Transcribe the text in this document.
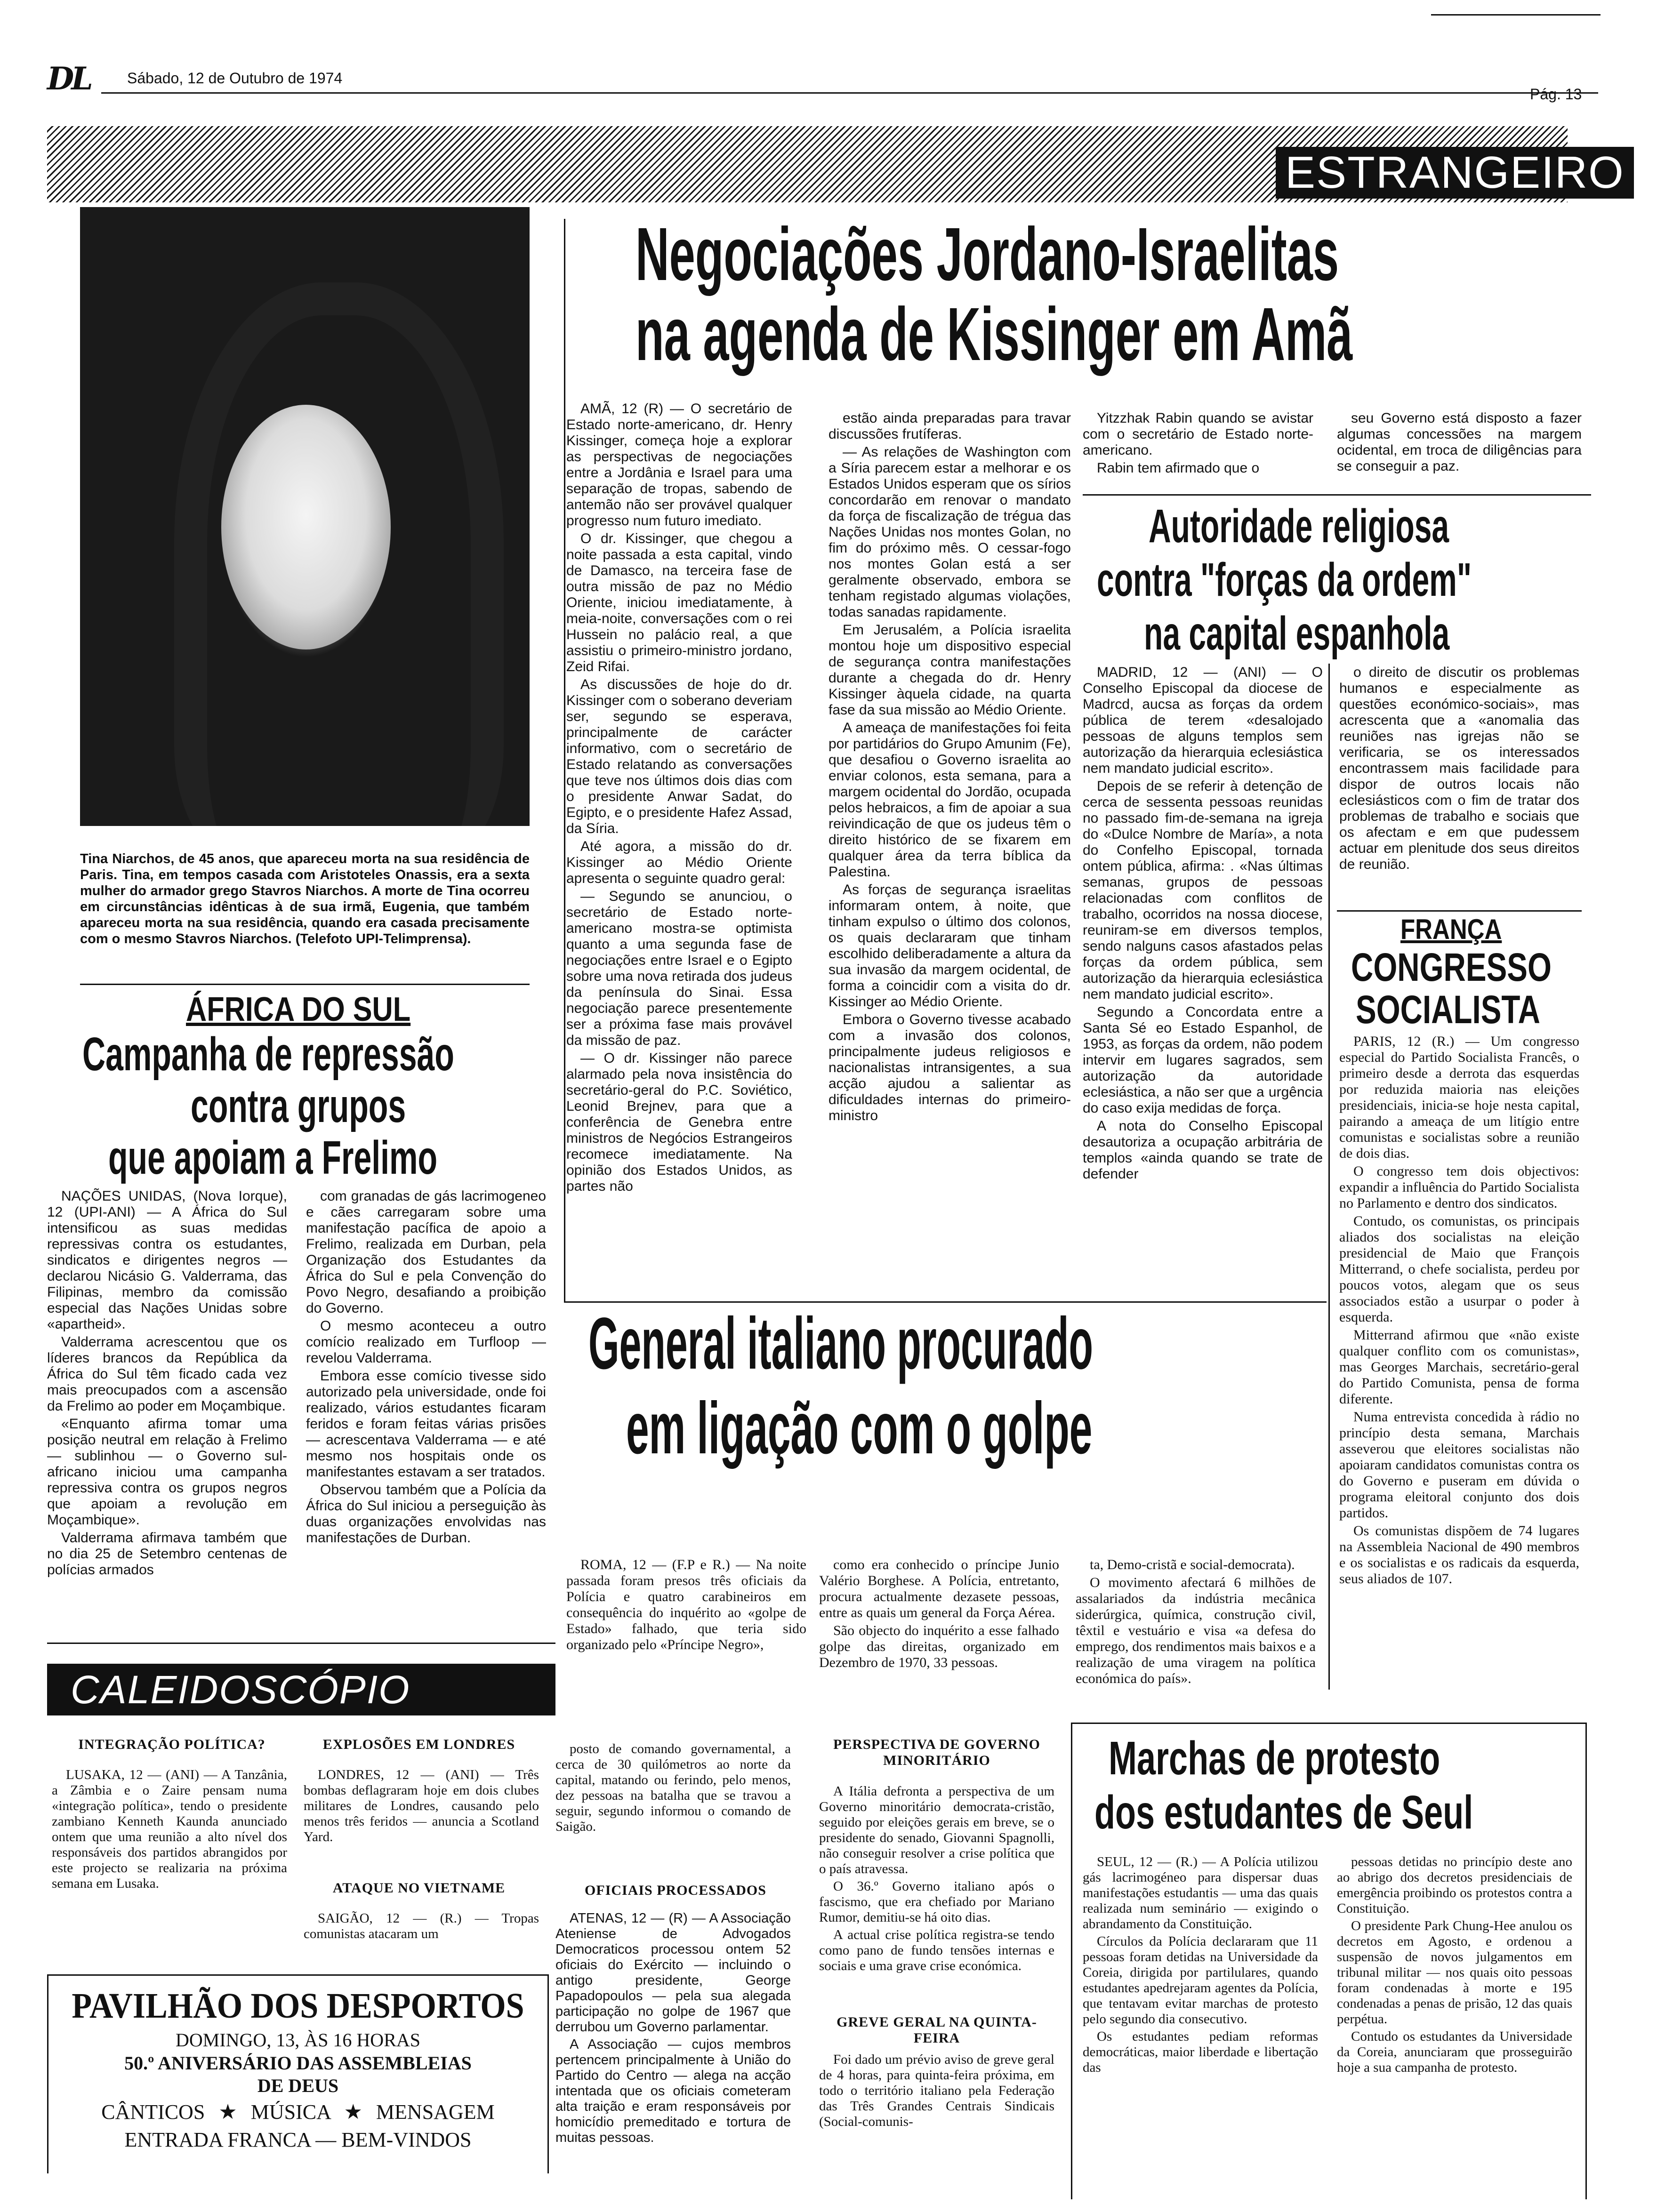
DL Sábado, 12 de Outubro de 1974
Pág. 13
ESTRANGEIRO
Tina Niarchos, de 45 anos, que apareceu morta na sua residência de Paris. Tina, em tempos casada com Aristoteles Onassis, era a sexta mulher do armador grego Stavros Niarchos. A morte de Tina ocorreu em circunstâncias idênticas à de sua irmã, Eugenia, que também apareceu morta na sua residência, quando era casada precisamente com o mesmo Stavros Niarchos. (Telefoto UPI-Telimprensa).
Negociações Jordano-Israelitas
na agenda de Kissinger em Amã

AMÃ, 12 (R) — O secretário de Estado norte-americano, dr. Henry Kissinger, começa hoje a explorar as perspectivas de negociações entre a Jordânia e Israel para uma separação de tropas, sabendo de antemão não ser provável qualquer progresso num futuro imediato.

O dr. Kissinger, que chegou a noite passada a esta capital, vindo de Damasco, na terceira fase de outra missão de paz no Médio Oriente, iniciou imediatamente, à meia-noite, conversações com o rei Hussein no palácio real, a que assistiu o primeiro-ministro jordano, Zeid Rifai.

As discussões de hoje do dr. Kissinger com o soberano deveriam ser, segundo se esperava, principalmente de carácter informativo, com o secretário de Estado relatando as conversações que teve nos últimos dois dias com o presidente Anwar Sadat, do Egipto, e o presidente Hafez Assad, da Síria.

Até agora, a missão do dr. Kissinger ao Médio Oriente apresenta o seguinte quadro geral:

— Segundo se anunciou, o secretário de Estado norte-americano mostra-se optimista quanto a uma segunda fase de negociações entre Israel e o Egipto sobre uma nova retirada dos judeus da península do Sinai. Essa negociação parece presentemente ser a próxima fase mais provável da missão de paz.

— O dr. Kissinger não parece alarmado pela nova insistência do secretário-geral do P.C. Soviético, Leonid Brejnev, para que a conferência de Genebra entre ministros de Negócios Estrangeiros recomece imediatamente. Na opinião dos Estados Unidos, as partes não

estão ainda preparadas para travar discussões frutíferas.

— As relações de Washington com a Síria parecem estar a melhorar e os Estados Unidos esperam que os sírios concordarão em renovar o mandato da força de fiscalização de trégua das Nações Unidas nos montes Golan, no fim do próximo mês. O cessar-fogo nos montes Golan está a ser geralmente observado, embora se tenham registado algumas violações, todas sanadas rapidamente.

Em Jerusalém, a Polícia israelita montou hoje um dispositivo especial de segurança contra manifestações durante a chegada do dr. Henry Kissinger àquela cidade, na quarta fase da sua missão ao Médio Oriente.

A ameaça de manifestações foi feita por partidários do Grupo Amunim (Fe), que desafiou o Governo israelita ao enviar colonos, esta semana, para a margem ocidental do Jordão, ocupada pelos hebraicos, a fim de apoiar a sua reivindicação de que os judeus têm o direito histórico de se fixarem em qualquer área da terra bíblica da Palestina.

As forças de segurança israelitas informaram ontem, à noite, que tinham expulso o último dos colonos, os quais declararam que tinham escolhido deliberadamente a altura da sua invasão da margem ocidental, de forma a coincidir com a visita do dr. Kissinger ao Médio Oriente.

Embora o Governo tivesse acabado com a invasão dos colonos, principalmente judeus religiosos e nacionalistas intransigentes, a sua acção ajudou a salientar as dificuldades internas do primeiro-ministro

Yitzzhak Rabin quando se avistar com o secretário de Estado norte-americano.

Rabin tem afirmado que o

seu Governo está disposto a fazer algumas concessões na margem ocidental, em troca de diligências para se conseguir a paz.

Autoridade religiosa
contra "forças da ordem"
na capital espanhola

MADRID, 12 — (ANI) — O Conselho Episcopal da diocese de Madrcd, aucsa as forças da ordem pública de terem «desalojado pessoas de alguns templos sem autorização da hierarquia eclesiástica nem mandato judicial escrito».

Depois de se referir à detenção de cerca de sessenta pessoas reunidas no passado fim-de-semana na igreja do «Dulce Nombre de María», a nota do Confelho Episcopal, tornada ontem pública, afirma: . «Nas últimas semanas, grupos de pessoas relacionadas com conflitos de trabalho, ocorridos na nossa diocese, reuniram-se em diversos templos, sendo nalguns casos afastados pelas forças da ordem pública, sem autorização da hierarquia eclesiástica nem mandato judicial escrito».

Segundo a Concordata entre a Santa Sé eo Estado Espanhol, de 1953, as forças da ordem, não podem intervir em lugares sagrados, sem autorização da autoridade eclesiástica, a não ser que a urgência do caso exija medidas de força.

A nota do Conselho Episcopal desautoriza a ocupação arbitrária de templos «ainda quando se trate de defender

o direito de discutir os problemas humanos e especialmente as questões económico-sociais», mas acrescenta que a «anomalia das reuniões nas igrejas não se verificaria, se os interessados encontrassem mais facilidade para dispor de outros locais não eclesiásticos com o fim de tratar dos problemas de trabalho e sociais que os afectam e em que pudessem actuar em plenitude dos seus direitos de reunião.

FRANÇA
CONGRESSO
SOCIALISTA

PARIS, 12 (R.) — Um congresso especial do Partido Socialista Francês, o primeiro desde a derrota das esquerdas por reduzida maioria nas eleições presidenciais, inicia-se hoje nesta capital, pairando a ameaça de um litígio entre comunistas e socialistas sobre a reunião de dois dias.

O congresso tem dois objectivos: expandir a influência do Partido Socialista no Parlamento e dentro dos sindicatos.

Contudo, os comunistas, os principais aliados dos socialistas na eleição presidencial de Maio que François Mitterrand, o chefe socialista, perdeu por poucos votos, alegam que os seus associados estão a usurpar o poder à esquerda.

Mitterrand afirmou que «não existe qualquer conflito com os comunistas», mas Georges Marchais, secretário-geral do Partido Comunista, pensa de forma diferente.

Numa entrevista concedida à rádio no princípio desta semana, Marchais asseverou que eleitores socialistas não apoiaram candidatos comunistas contra os do Governo e puseram em dúvida o programa eleitoral conjunto dos dois partidos.

Os comunistas dispõem de 74 lugares na Assembleia Nacional de 490 membros e os socialistas e os radicais da esquerda, seus aliados de 107.

ÁFRICA DO SUL
Campanha de repressão
contra grupos
que apoiam a Frelimo

NAÇÕES UNIDAS, (Nova Iorque), 12 (UPI-ANI) — A África do Sul intensificou as suas medidas repressivas contra os estudantes, sindicatos e dirigentes negros — declarou Nicásio G. Valderrama, das Filipinas, membro da comissão especial das Nações Unidas sobre «apartheid».

Valderrama acrescentou que os líderes brancos da República da África do Sul têm ficado cada vez mais preocupados com a ascensão da Frelimo ao poder em Moçambique.

«Enquanto afirma tomar uma posição neutral em relação à Frelimo — sublinhou — o Governo sul-africano iniciou uma campanha repressiva contra os grupos negros que apoiam a revolução em Moçambique».

Valderrama afirmava também que no dia 25 de Setembro centenas de polícias armados

com granadas de gás lacrimogeneo e cães carregaram sobre uma manifestação pacífica de apoio a Frelimo, realizada em Durban, pela Organização dos Estudantes da África do Sul e pela Convenção do Povo Negro, desafiando a proibição do Governo.

O mesmo aconteceu a outro comício realizado em Turfloop — revelou Valderrama.

Embora esse comício tivesse sido autorizado pela universidade, onde foi realizado, vários estudantes ficaram feridos e foram feitas várias prisões — acrescentava Valderrama — e até mesmo nos hospitais onde os manifestantes estavam a ser tratados.

Observou também que a Polícia da África do Sul iniciou a perseguição às duas organizações envolvidas nas manifestações de Durban.

General italiano procurado
em ligação com o golpe

ROMA, 12 — (F.P e R.) — Na noite passada foram presos três oficiais da Polícia e quatro carabineiros em consequência do inquérito ao «golpe de Estado» falhado, que teria sido organizado pelo «Príncipe Negro»,

como era conhecido o príncipe Junio Valério Borghese. A Polícia, entretanto, procura actualmente dezasete pessoas, entre as quais um general da Força Aérea.

São objecto do inquérito a esse falhado golpe das direitas, organizado em Dezembro de 1970, 33 pessoas.

ta, Demo-cristã e social-democrata).

O movimento afectará 6 milhões de assalariados da indústria mecânica siderúrgica, química, construção civil, têxtil e vestuário e visa «a defesa do emprego, dos rendimentos mais baixos e a realização de uma viragem na política económica do país».

CALEIDOSCÓPIO
INTEGRAÇÃO POLÍTICA?

LUSAKA, 12 — (ANI) — A Tanzânia, a Zâmbia e o Zaire pensam numa «integração política», tendo o presidente zambiano Kenneth Kaunda anunciado ontem que uma reunião a alto nível dos responsáveis dos partidos abrangidos por este projecto se realizaria na próxima semana em Lusaka.

EXPLOSÕES EM LONDRES

LONDRES, 12 — (ANI) — Três bombas deflagraram hoje em dois clubes militares de Londres, causando pelo menos três feridos — anuncia a Scotland Yard.

ATAQUE NO VIETNAME

SAIGÃO, 12 — (R.) — Tropas comunistas atacaram um

posto de comando governamental, a cerca de 30 quilómetros ao norte da capital, matando ou ferindo, pelo menos, dez pessoas na batalha que se travou a seguir, segundo informou o comando de Saigão.

OFICIAIS PROCESSADOS

ATENAS, 12 — (R) — A Associação Ateniense de Advogados Democraticos processou ontem 52 oficiais do Exército — incluindo o antigo presidente, George Papadopoulos — pela sua alegada participação no golpe de 1967 que derrubou um Governo parlamentar.

A Associação — cujos membros pertencem principalmente à União do Partido do Centro — alega na acção intentada que os oficiais cometeram alta traição e eram responsáveis por homicídio premeditado e tortura de muitas pessoas.

PERSPECTIVA DE GOVERNO MINORITÁRIO

A Itália defronta a perspectiva de um Governo minoritário democrata-cristão, seguido por eleições gerais em breve, se o presidente do senado, Giovanni Spagnolli, não conseguir resolver a crise política que o país atravessa.

O 36.º Governo italiano após o fascismo, que era chefiado por Mariano Rumor, demitiu-se há oito dias.

A actual crise política registra-se tendo como pano de fundo tensões internas e sociais e uma grave crise económica.

GREVE GERAL NA QUINTA-FEIRA

Foi dado um prévio aviso de greve geral de 4 horas, para quinta-feira próxima, em todo o território italiano pela Federação das Três Grandes Centrais Sindicais (Social-comunis-

PAVILHÃO DOS DESPORTOS
DOMINGO, 13, ÀS 16 HORAS
50.º ANIVERSÁRIO DAS ASSEMBLEIAS
DE DEUS
CÂNTICOS ★ MÚSICA ★ MENSAGEM
ENTRADA FRANCA — BEM-VINDOS
Marchas de protesto
dos estudantes de Seul

SEUL, 12 — (R.) — A Polícia utilizou gás lacrimogéneo para dispersar duas manifestações estudantis — uma das quais realizada num seminário — exigindo o abrandamento da Constituição.

Círculos da Polícia declararam que 11 pessoas foram detidas na Universidade da Coreia, dirigida por partilulares, quando estudantes apedrejaram agentes da Polícia, que tentavam evitar marchas de protesto pelo segundo dia consecutivo.

Os estudantes pediam reformas democráticas, maior liberdade e libertação das

pessoas detidas no princípio deste ano ao abrigo dos decretos presidenciais de emergência proibindo os protestos contra a Constituição.

O presidente Park Chung-Hee anulou os decretos em Agosto, e ordenou a suspensão de novos julgamentos em tribunal militar — nos quais oito pessoas foram condenadas à morte e 195 condenadas a penas de prisão, 12 das quais perpétua.

Contudo os estudantes da Universidade da Coreia, anunciaram que prosseguirão hoje a sua campanha de protesto.
